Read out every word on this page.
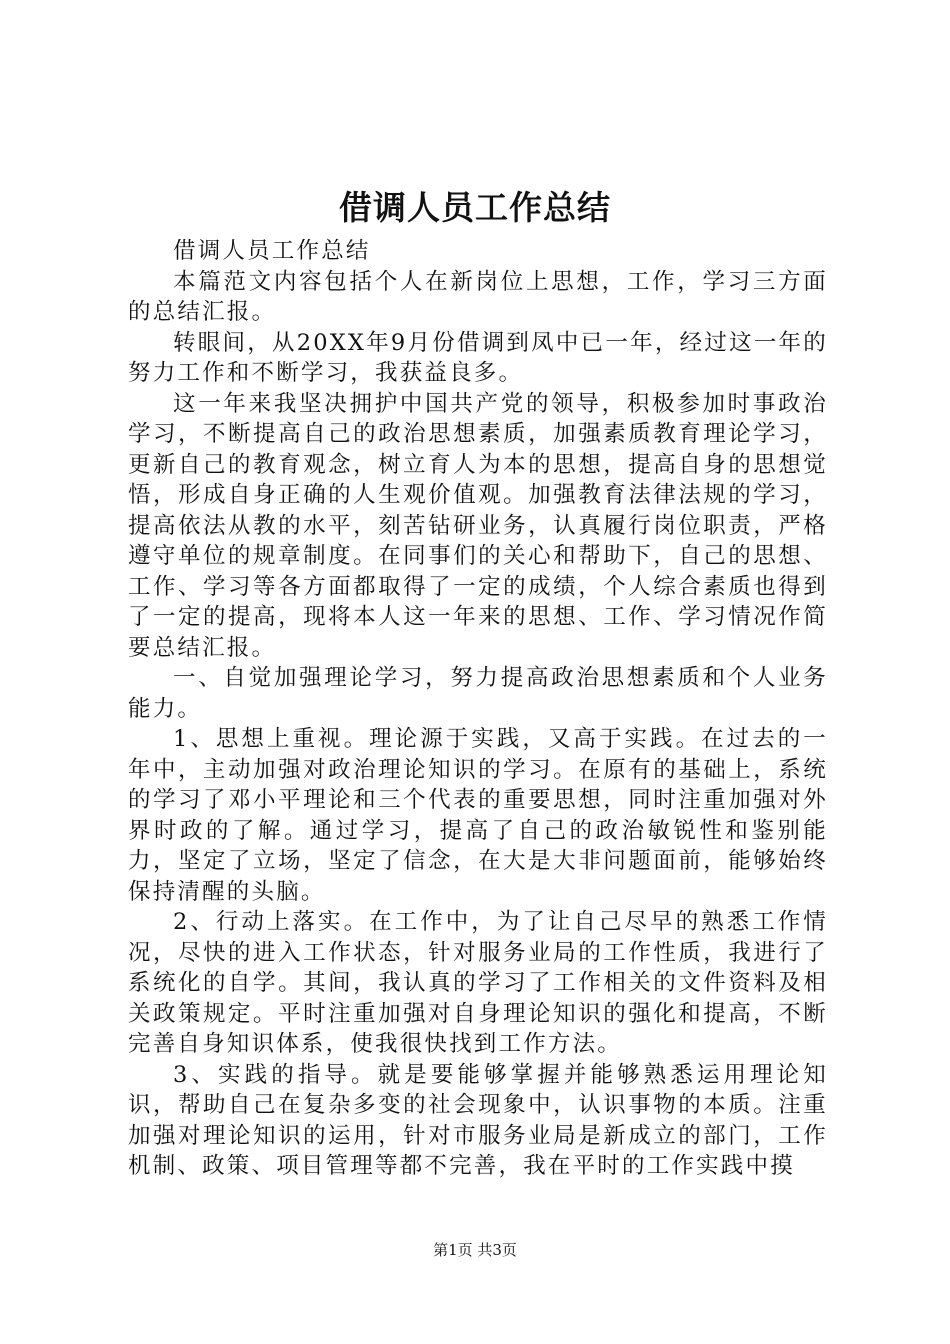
借调人员工作总结

借调人员工作总结

本篇范文内容包括个人在新岗位上思想，工作，学习三方面的总结汇报。

转眼间，从20XX年9月份借调到凤中已一年，经过这一年的努力工作和不断学习，我获益良多。

这一年来我坚决拥护中国共产党的领导，积极参加时事政治学习，不断提高自己的政治思想素质，加强素质教育理论学习，更新自己的教育观念，树立育人为本的思想，提高自身的思想觉悟，形成自身正确的人生观价值观。加强教育法律法规的学习，提高依法从教的水平，刻苦钻研业务，认真履行岗位职责，严格遵守单位的规章制度。在同事们的关心和帮助下，自己的思想、工作、学习等各方面都取得了一定的成绩，个人综合素质也得到了一定的提高，现将本人这一年来的思想、工作、学习情况作简要总结汇报。

一、自觉加强理论学习，努力提高政治思想素质和个人业务能力。

1、思想上重视。理论源于实践，又高于实践。在过去的一年中，主动加强对政治理论知识的学习。在原有的基础上，系统的学习了邓小平理论和三个代表的重要思想，同时注重加强对外界时政的了解。通过学习，提高了自己的政治敏锐性和鉴别能力，坚定了立场，坚定了信念，在大是大非问题面前，能够始终保持清醒的头脑。

2、行动上落实。在工作中，为了让自己尽早的熟悉工作情况，尽快的进入工作状态，针对服务业局的工作性质，我进行了系统化的自学。其间，我认真的学习了工作相关的文件资料及相关政策规定。平时注重加强对自身理论知识的强化和提高，不断完善自身知识体系，使我很快找到工作方法。

3、实践的指导。就是要能够掌握并能够熟悉运用理论知识，帮助自己在复杂多变的社会现象中，认识事物的本质。注重加强对理论知识的运用，针对市服务业局是新成立的部门，工作机制、政策、项目管理等都不完善，我在平时的工作实践中摸

第1页 共3页
